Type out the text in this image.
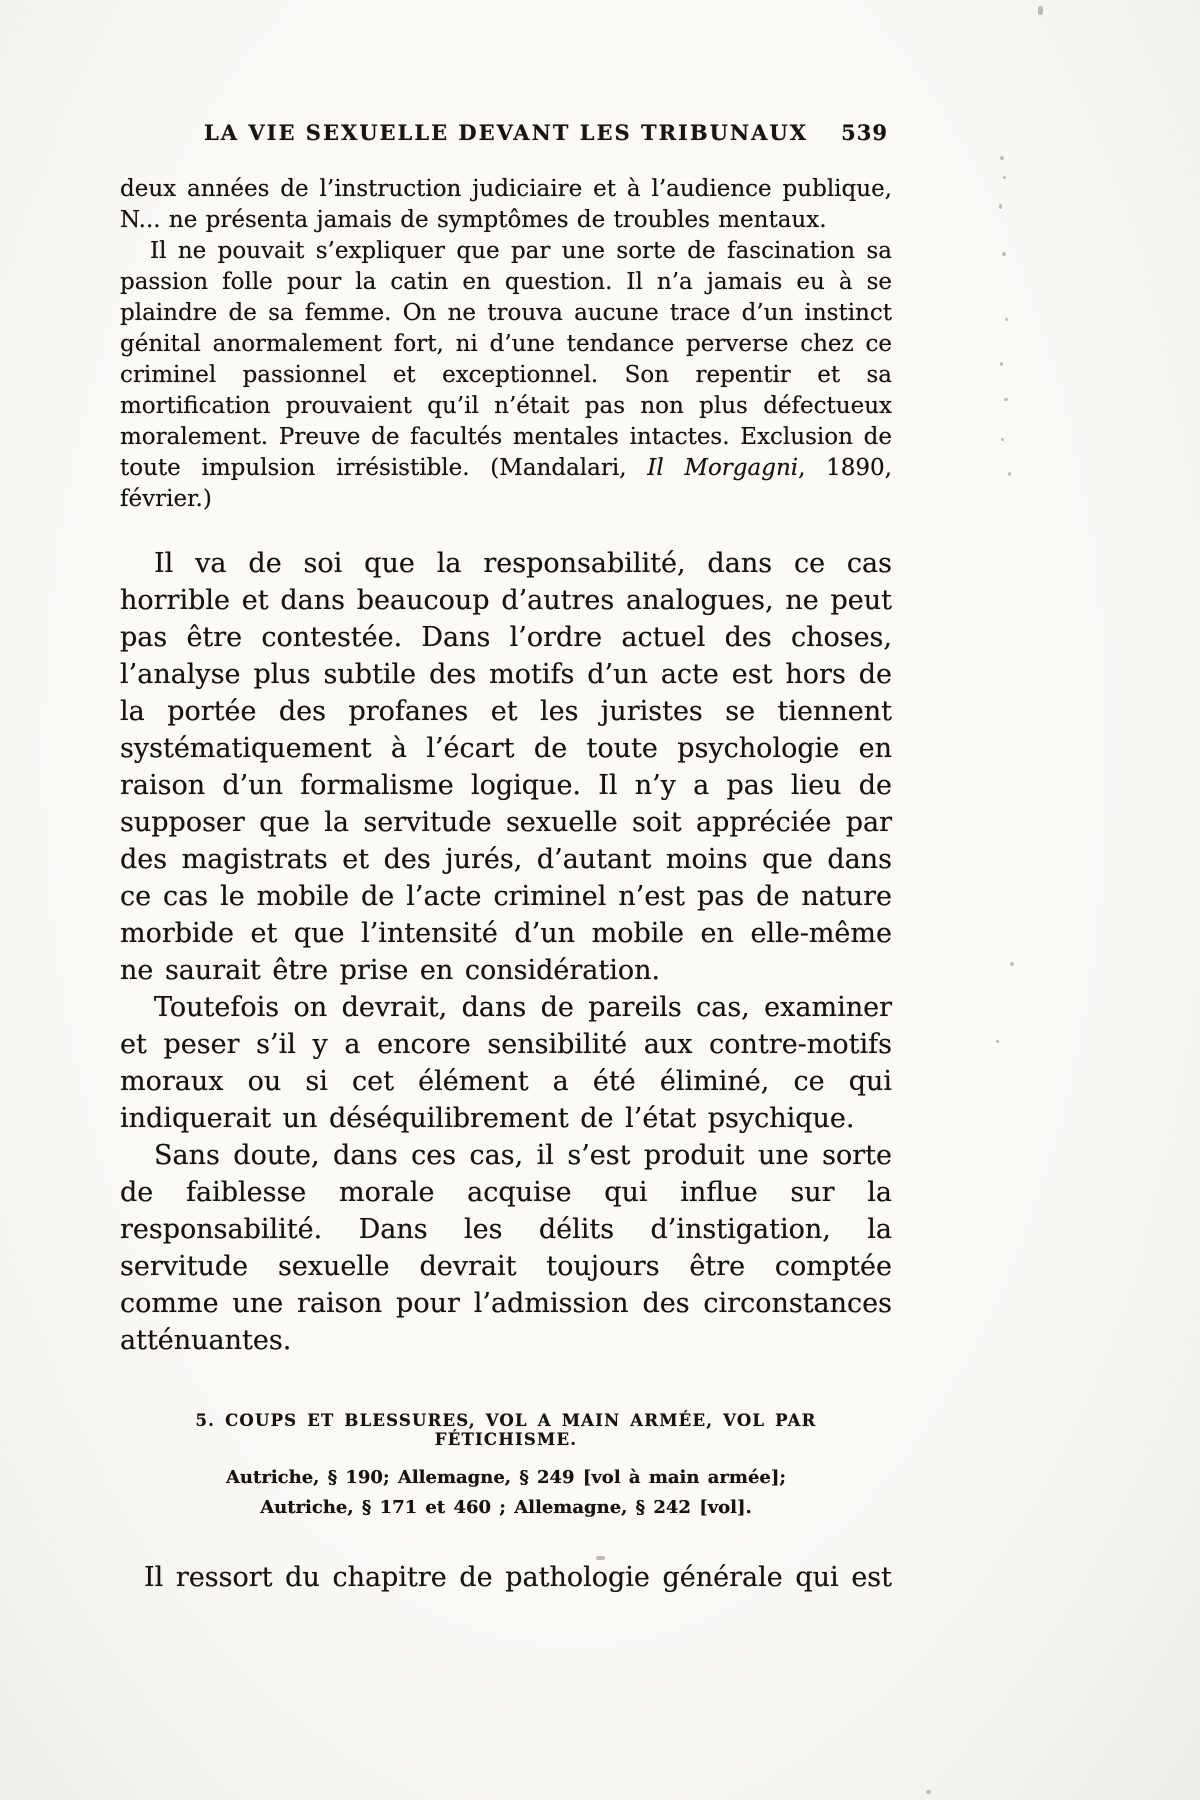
LA VIE SEXUELLE DEVANT LES TRIBUNAUX	539

deux années de l’instruction judiciaire et à l’audience publique, N... ne présenta jamais de symptômes de troubles mentaux.

Il ne pouvait s’expliquer que par une sorte de fascination sa passion folle pour la catin en question. Il n’a jamais eu à se plaindre de sa femme. On ne trouva aucune trace d’un instinct génital anormalement fort, ni d’une tendance perverse chez ce criminel passionnel et exceptionnel. Son repentir et sa mortification prouvaient qu’il n’était pas non plus défectueux moralement. Preuve de facultés mentales intactes. Exclusion de toute impulsion irrésistible. (Mandalari, Il Morgagni, 1890, février.)

Il va de soi que la responsabilité, dans ce cas horrible et dans beaucoup d’autres analogues, ne peut pas être contestée. Dans l’ordre actuel des choses, l’analyse plus subtile des motifs d’un acte est hors de la portée des profanes et les juristes se tiennent systématiquement à l’écart de toute psychologie en raison d’un formalisme logique. Il n’y a pas lieu de supposer que la servitude sexuelle soit appréciée par des magistrats et des jurés, d’autant moins que dans ce cas le mobile de l’acte criminel n’est pas de nature morbide et que l’intensité d’un mobile en elle-même ne saurait être prise en considération.

Toutefois on devrait, dans de pareils cas, examiner et peser s’il y a encore sensibilité aux contre-motifs moraux ou si cet élément a été éliminé, ce qui indiquerait un déséquilibrement de l’état psychique.

Sans doute, dans ces cas, il s’est produit une sorte de faiblesse morale acquise qui influe sur la responsabilité. Dans les délits d’instigation, la servitude sexuelle devrait toujours être comptée comme une raison pour l’admission des circonstances atténuantes.

5. COUPS ET BLESSURES, VOL A MAIN ARMÉE, VOL PAR FÉTICHISME.
Autriche, § 190; Allemagne, § 249 [vol à main armée];
Autriche, § 171 et 460 ; Allemagne, § 242 [vol].

Il ressort du chapitre de pathologie générale qui est
